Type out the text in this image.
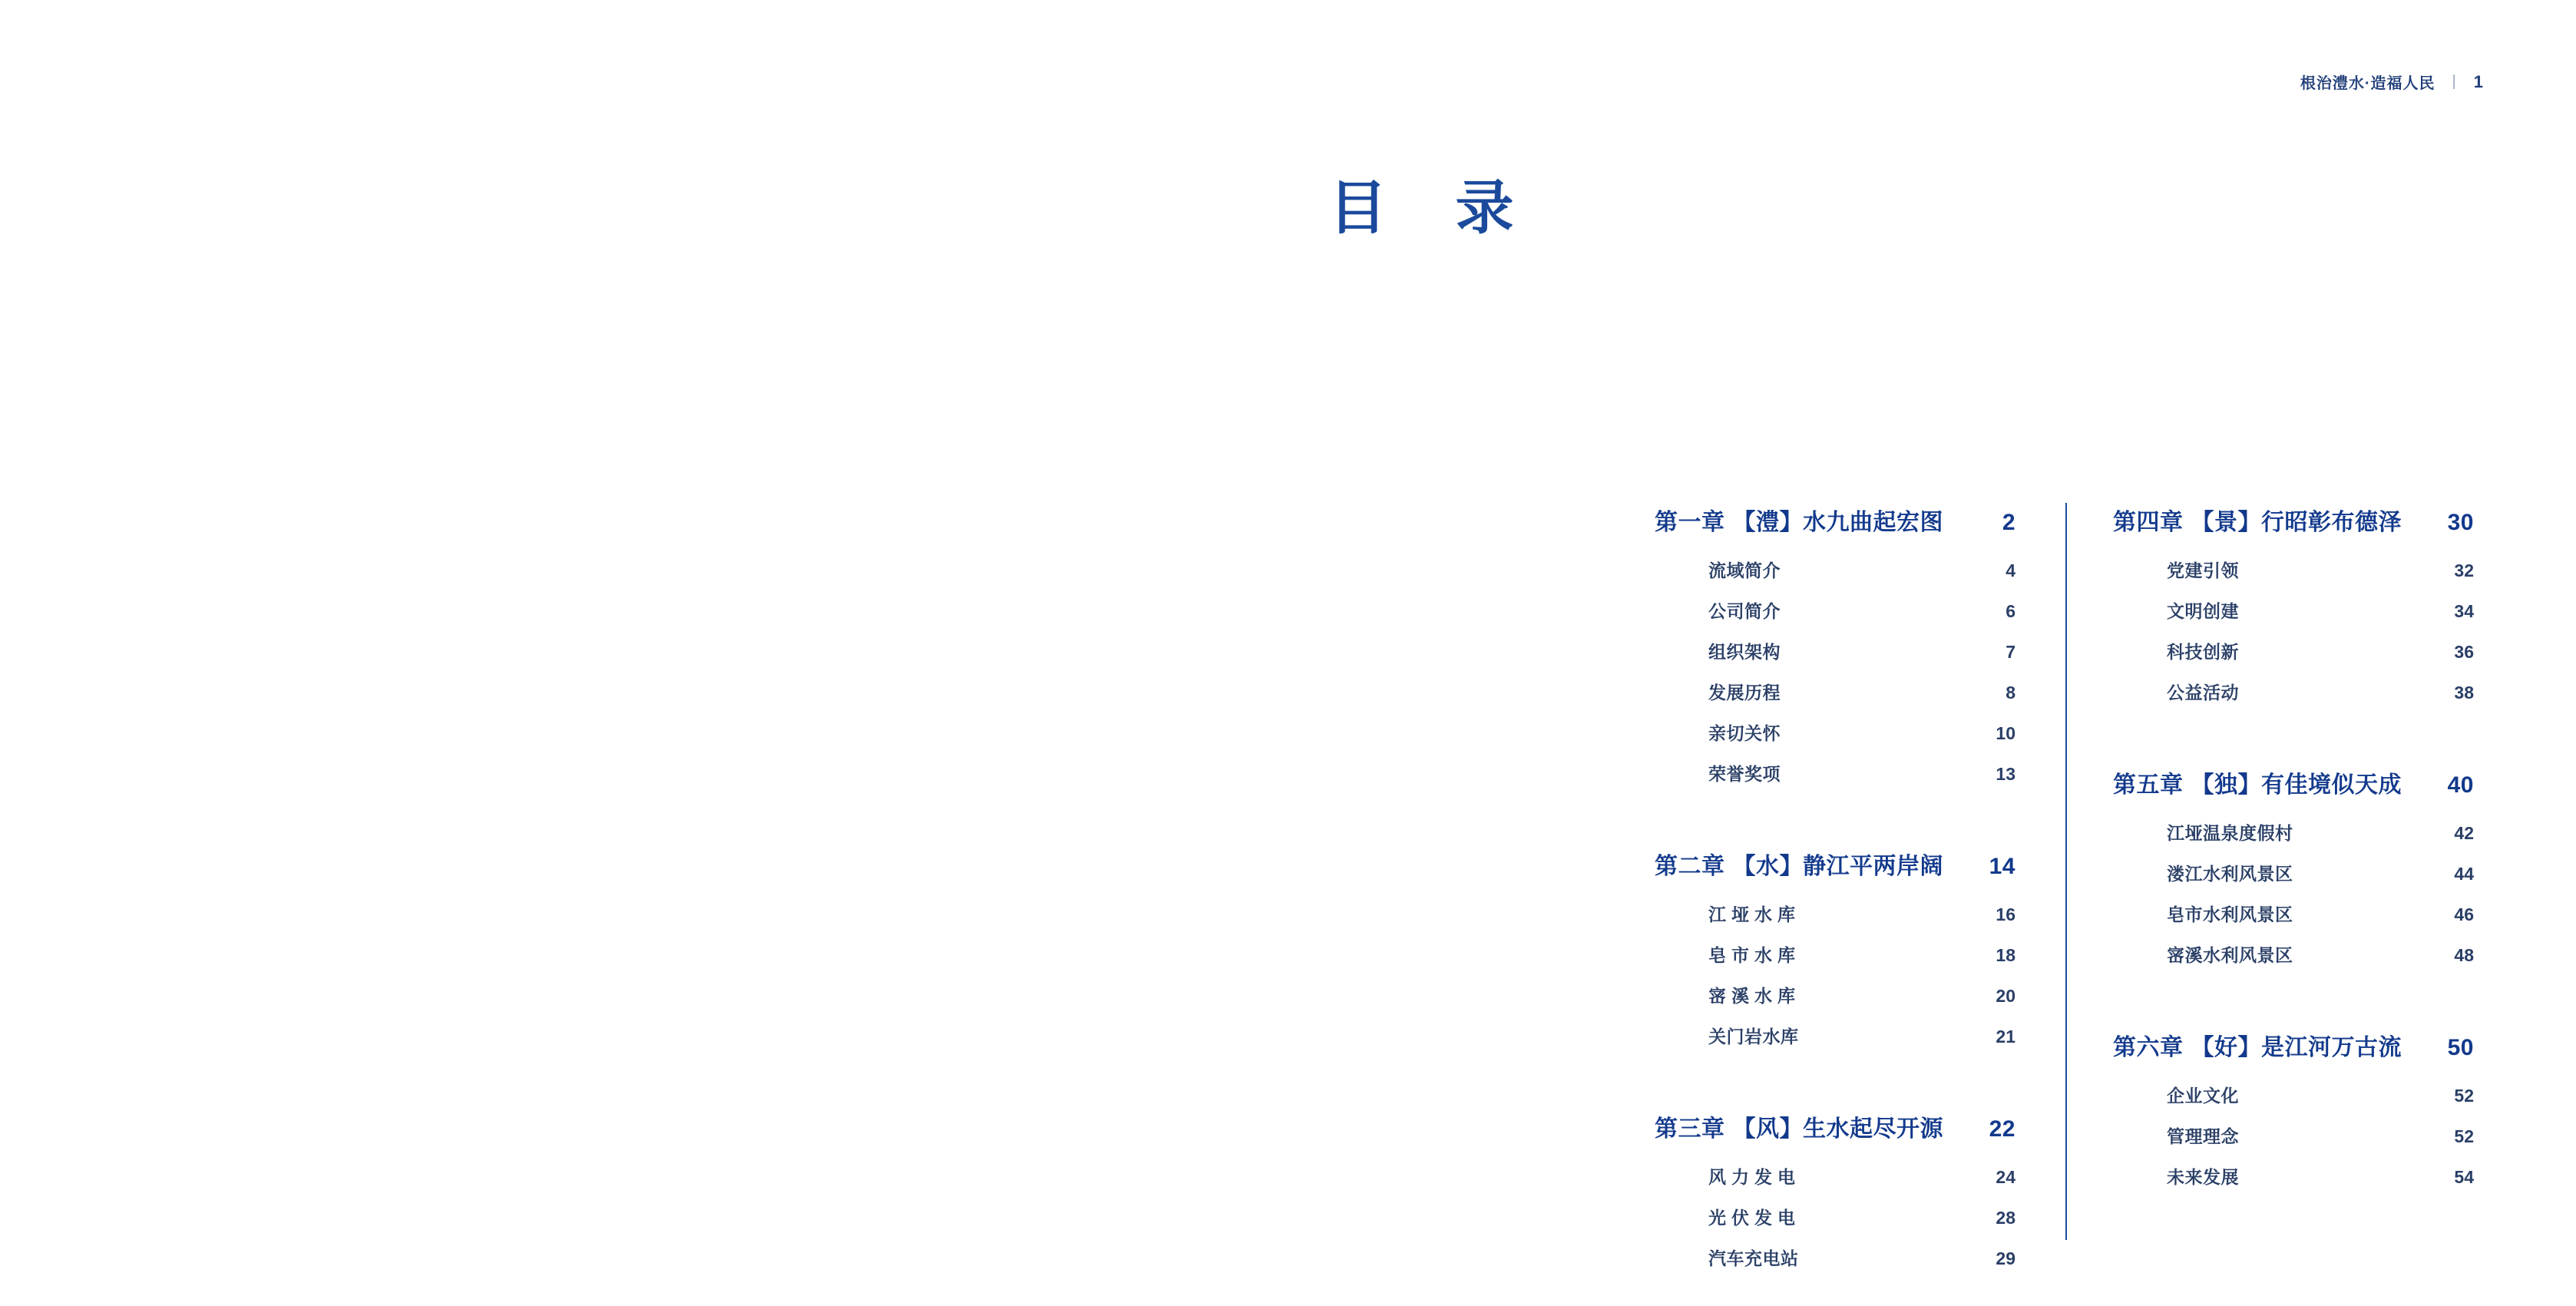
根治澧水·造福人民 | 1
目 录
第一章 【澧】水九曲起宏图	2
流域简介	4
公司简介	6
组织架构	7
发展历程	8
亲切关怀	10
荣誉奖项	13
第二章 【水】静江平两岸阔	14
江垭水库	16
皂市水库	18
宻溪水库	20
关门岩水库	21
第三章 【风】生水起尽开源	22
风力发电	24
光伏发电	28
汽车充电站	29
第四章 【景】行昭彰布德泽	30
党建引领	32
文明创建	34
科技创新	36
公益活动	38
第五章 【独】有佳境似天成	40
江垭温泉度假村	42
溇江水利风景区	44
皂市水利风景区	46
宻溪水利风景区	48
第六章 【好】是江河万古流	50
企业文化	52
管理理念	52
未来发展	54
